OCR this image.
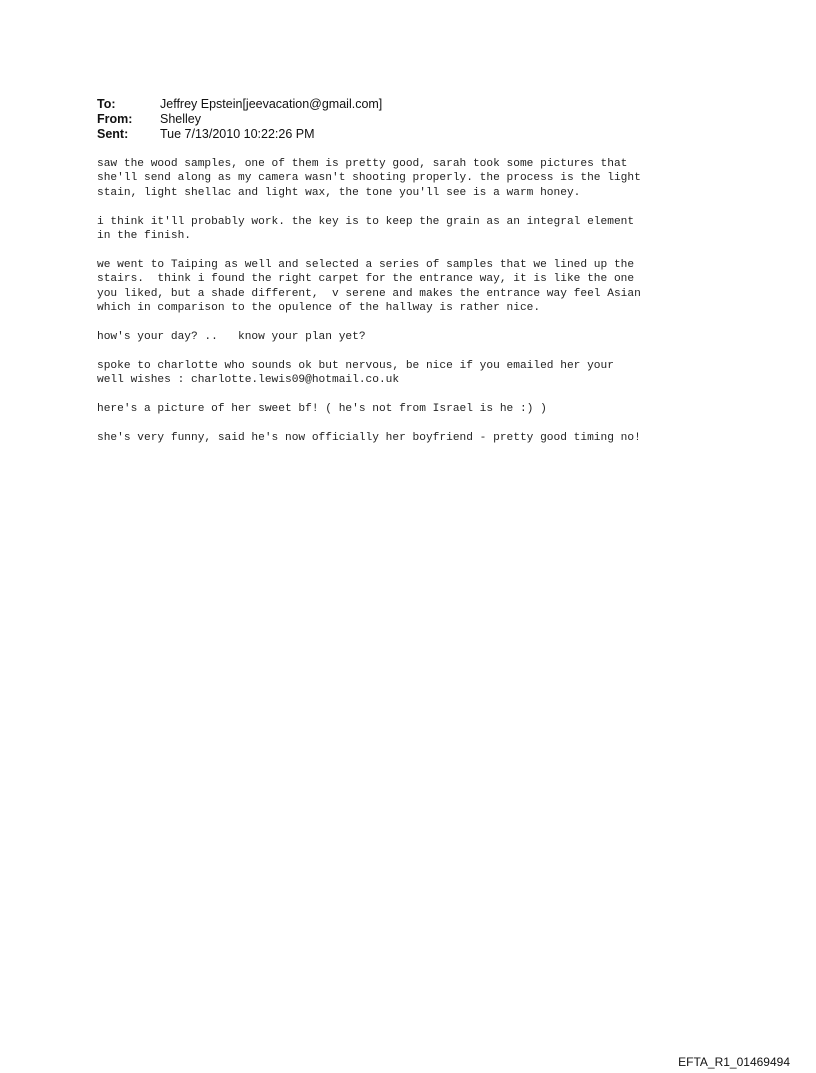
To:	Jeffrey Epstein[jeevacation@gmail.com]
From:	Shelley
Sent:	Tue 7/13/2010 10:22:26 PM

saw the wood samples, one of them is pretty good, sarah took some pictures that
she'll send along as my camera wasn't shooting properly. the process is the light
stain, light shellac and light wax, the tone you'll see is a warm honey.

i think it'll probably work. the key is to keep the grain as an integral element
in the finish.

we went to Taiping as well and selected a series of samples that we lined up the
stairs.  think i found the right carpet for the entrance way, it is like the one
you liked, but a shade different,  v serene and makes the entrance way feel Asian
which in comparison to the opulence of the hallway is rather nice.

how's your day? ..   know your plan yet?

spoke to charlotte who sounds ok but nervous, be nice if you emailed her your
well wishes : charlotte.lewis09@hotmail.co.uk

here's a picture of her sweet bf! ( he's not from Israel is he :) )

she's very funny, said he's now officially her boyfriend - pretty good timing no!

EFTA_R1_01469494
